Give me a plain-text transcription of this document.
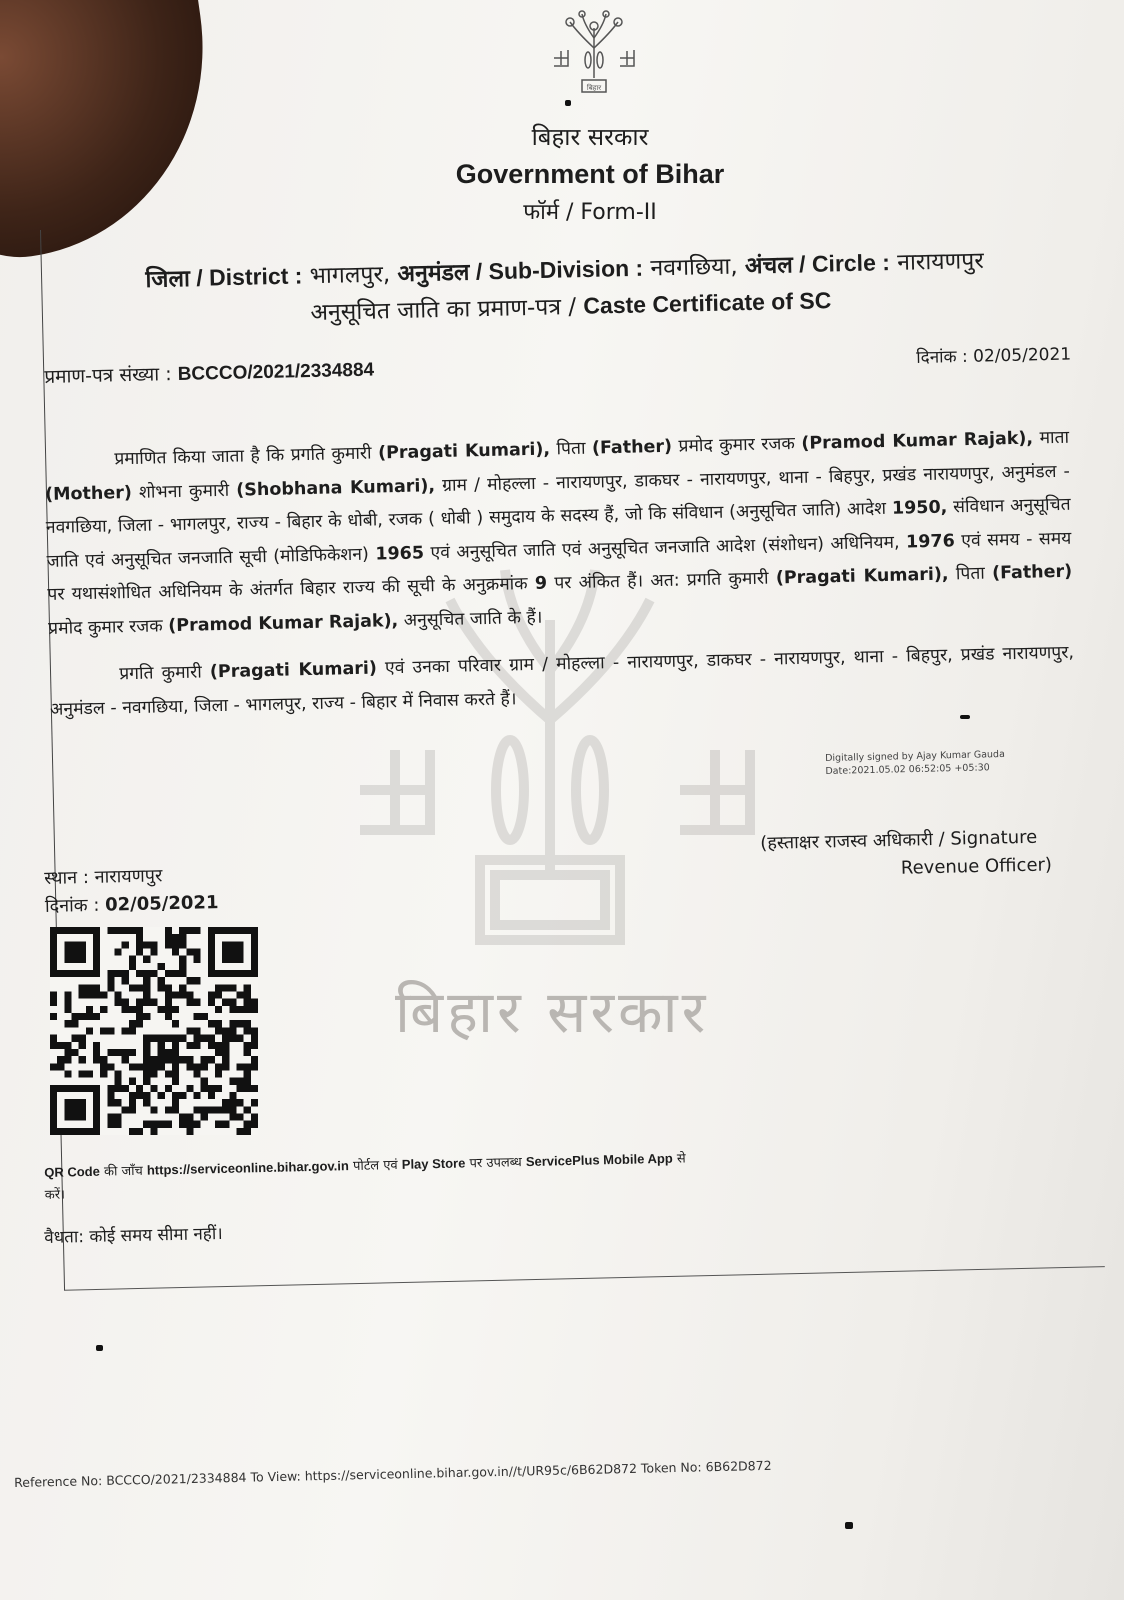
बिहार
बिहार सरकार
Government of Bihar
फॉर्म / Form-II
बिहार सरकार
जिला / District : भागलपुर, अनुमंडल / Sub-Division : नवगछिया, अंचल / Circle : नारायणपुर
अनुसूचित जाति का प्रमाण-पत्र / Caste Certificate of SC
प्रमाण-पत्र संख्या : BCCCO/2021/2334884
दिनांक : 02/05/2021

प्रमाणित किया जाता है कि प्रगति कुमारी (Pragati Kumari), पिता (Father) प्रमोद कुमार रजक (Pramod Kumar Rajak), माता (Mother) शोभना कुमारी (Shobhana Kumari), ग्राम / मोहल्ला - नारायणपुर, डाकघर - नारायणपुर, थाना - बिहपुर, प्रखंड नारायणपुर, अनुमंडल - नवगछिया, जिला - भागलपुर, राज्य - बिहार के धोबी, रजक ( धोबी ) समुदाय के सदस्य हैं, जो कि संविधान (अनुसूचित जाति) आदेश 1950, संविधान अनुसूचित जाति एवं अनुसूचित जनजाति सूची (मोडिफिकेशन) 1965 एवं अनुसूचित जाति एवं अनुसूचित जनजाति आदेश (संशोधन) अधिनियम, 1976 एवं समय - समय पर यथासंशोधित अधिनियम के अंतर्गत बिहार राज्य की सूची के अनुक्रमांक 9 पर अंकित हैं। अत: प्रगति कुमारी (Pragati Kumari), पिता (Father) प्रमोद कुमार रजक (Pramod Kumar Rajak), अनुसूचित जाति के हैं।

प्रगति कुमारी (Pragati Kumari) एवं उनका परिवार ग्राम / मोहल्ला - नारायणपुर, डाकघर - नारायणपुर, थाना - बिहपुर, प्रखंड नारायणपुर, अनुमंडल - नवगछिया, जिला - भागलपुर, राज्य - बिहार में निवास करते हैं।

Digitally signed by Ajay Kumar Gauda
Date:2021.05.02 06:52:05 +05:30
(हस्ताक्षर राजस्व अधिकारी / Signature
Revenue Officer)
स्थान : नारायणपुर
दिनांक : 02/05/2021
QR Code की जाँच https://serviceonline.bihar.gov.in पोर्टल एवं Play Store पर उपलब्ध ServicePlus Mobile App से करें।
वैधता: कोई समय सीमा नहीं।
Reference No: BCCCO/2021/2334884 To View: https://serviceonline.bihar.gov.in//t/UR95c/6B62D872 Token No: 6B62D872
